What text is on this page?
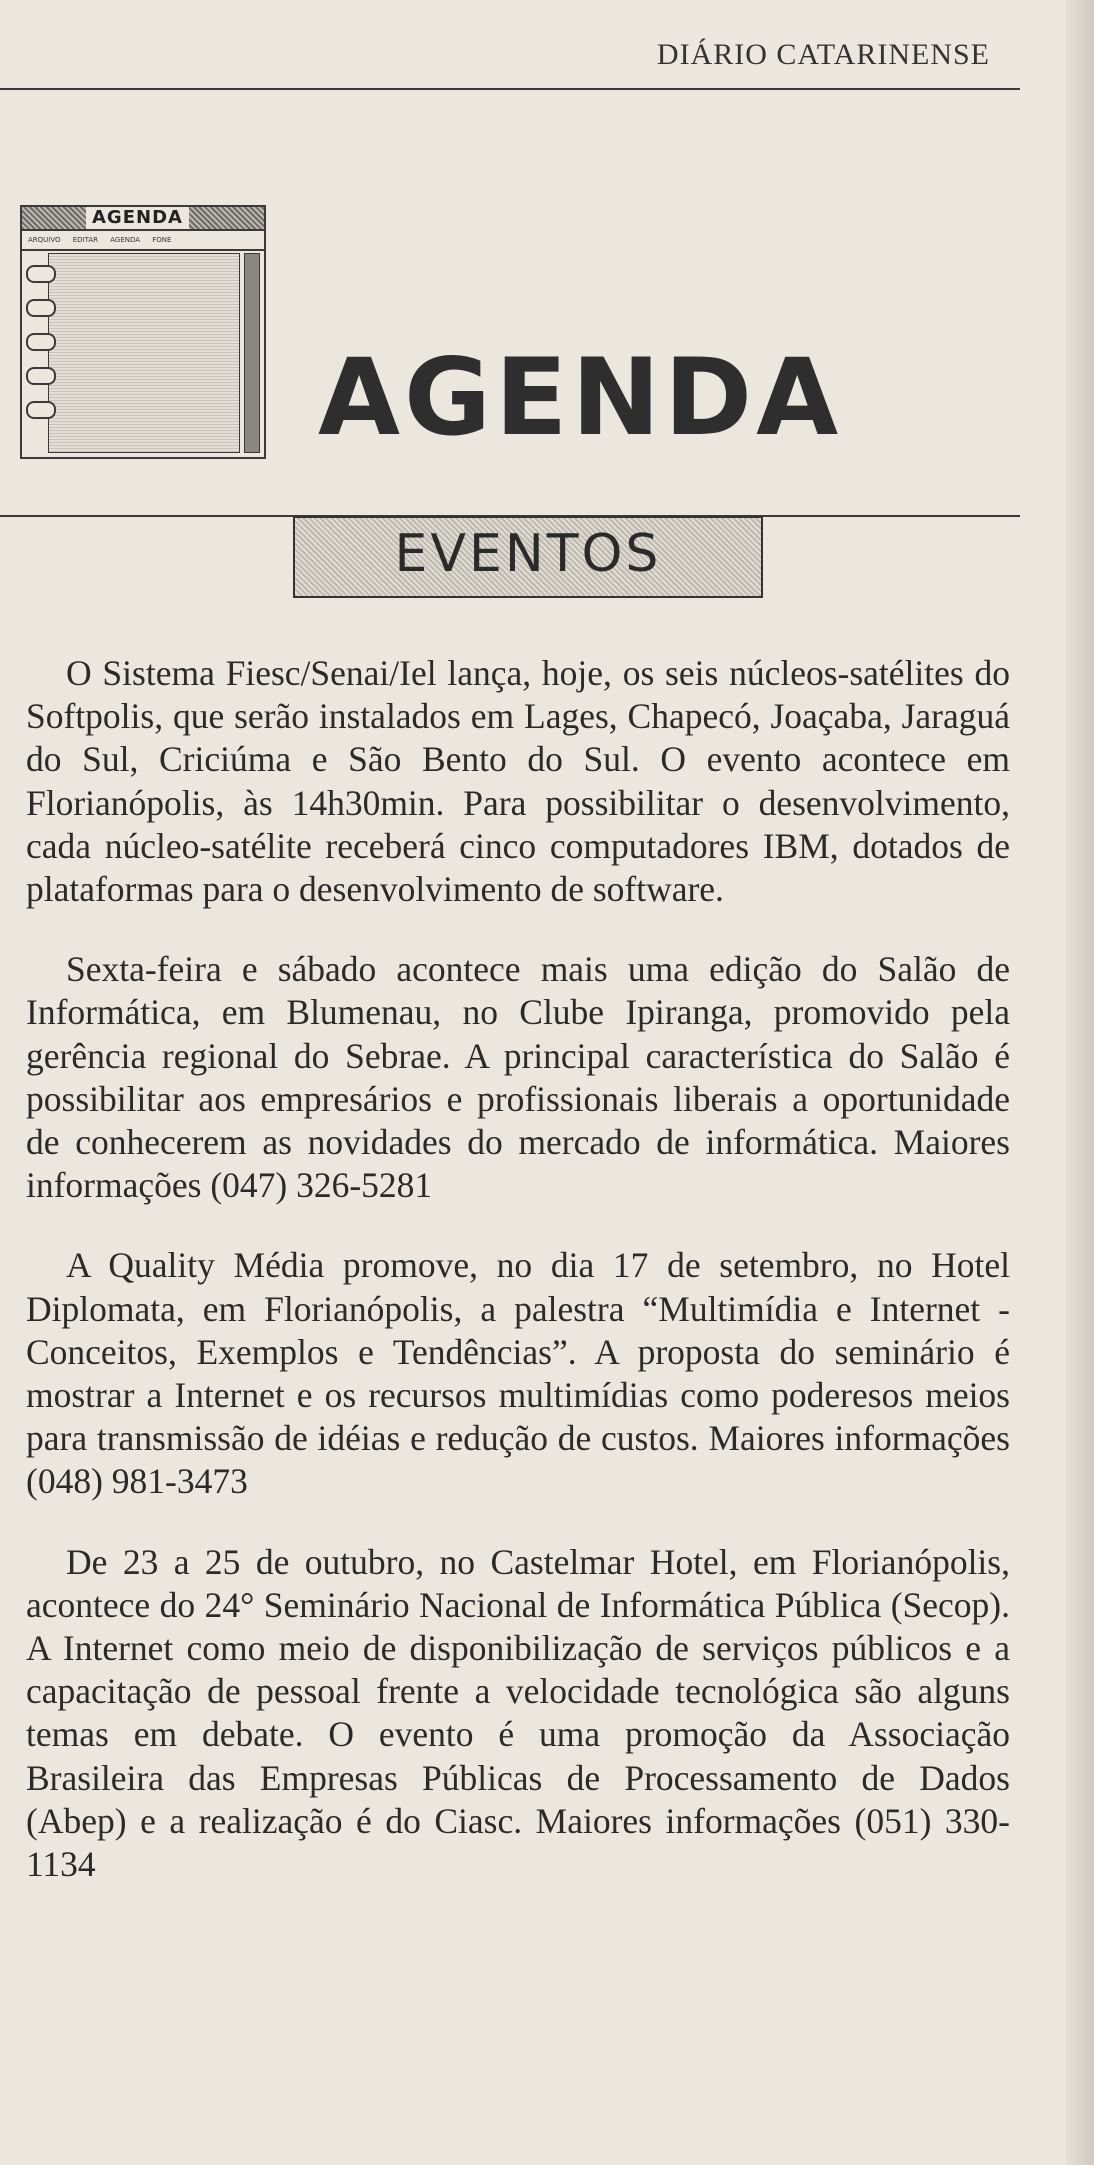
DIÁRIO CATARINENSE
AGENDA
ARQUIVO EDITAR AGENDA FONE
AGENDA
EVENTOS

O Sistema Fiesc/Senai/Iel lança, hoje, os seis núcleos-satélites do Softpolis, que serão instalados em Lages, Chapecó, Joaçaba, Jaraguá do Sul, Criciúma e São Bento do Sul. O evento acontece em Florianópolis, às 14h30min. Para possibilitar o desenvolvimento, cada núcleo-satélite receberá cinco computadores IBM, dotados de plataformas para o desenvolvimento de software.

Sexta-feira e sábado acontece mais uma edição do Salão de Informática, em Blumenau, no Clube Ipiranga, promovido pela gerência regional do Sebrae. A principal característica do Salão é possibilitar aos empresários e profissionais liberais a oportunidade de conhecerem as novidades do mercado de informática. Maiores informações (047) 326-5281

A Quality Média promove, no dia 17 de setembro, no Hotel Diplomata, em Florianópolis, a palestra “Multimídia e Internet - Conceitos, Exemplos e Tendências”. A proposta do seminário é mostrar a Internet e os recursos multimídias como poderesos meios para transmissão de idéias e redução de custos. Maiores informações (048) 981-3473

De 23 a 25 de outubro, no Castelmar Hotel, em Florianópolis, acontece do 24° Seminário Nacional de Informática Pública (Secop). A Internet como meio de disponibilização de serviços públicos e a capacitação de pessoal frente a velocidade tecnológica são alguns temas em debate. O evento é uma promoção da Associação Brasileira das Empresas Públicas de Processamento de Dados (Abep) e a realização é do Ciasc. Maiores informações (051) 330-1134
